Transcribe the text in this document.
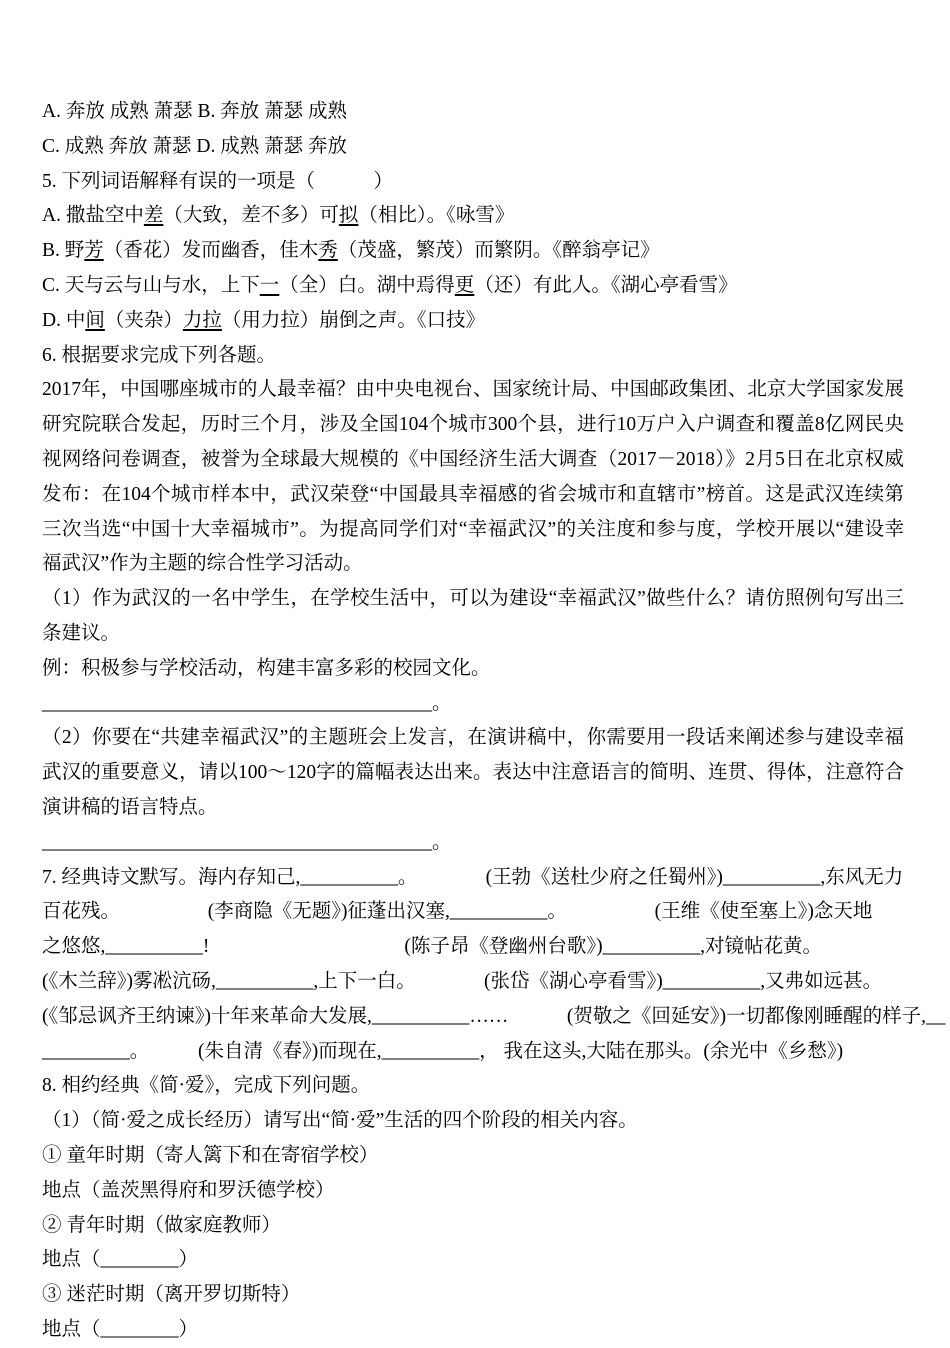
A. 奔放 成熟 萧瑟 B. 奔放 萧瑟 成熟
C. 成熟 奔放 萧瑟 D. 成熟 萧瑟 奔放
5. 下列词语解释有误的一项是（　　　）
A. 撒盐空中差（大致，差不多）可拟（相比）。《咏雪》
B. 野芳（香花）发而幽香，佳木秀（茂盛，繁茂）而繁阴。《醉翁亭记》
C. 天与云与山与水，上下一（全）白。湖中焉得更（还）有此人。《湖心亭看雪》
D. 中间（夹杂）力拉（用力拉）崩倒之声。《口技》
6. 根据要求完成下列各题。
2017年，中国哪座城市的人最幸福？由中央电视台、国家统计局、中国邮政集团、北京大学国家发展研究院联合发起，历时三个月，涉及全国104个城市300个县，进行10万户入户调查和覆盖8亿网民央视网络问卷调查，被誉为全球最大规模的《中国经济生活大调查（2017－2018）》2月5日在北京权威发布：在104个城市样本中，武汉荣登“中国最具幸福感的省会城市和直辖市”榜首。这是武汉连续第三次当选“中国十大幸福城市”。为提高同学们对“幸福武汉”的关注度和参与度，学校开展以“建设幸福武汉”作为主题的综合性学习活动。
（1）作为武汉的一名中学生，在学校生活中，可以为建设“幸福武汉”做些什么？请仿照例句写出三条建议。
例：积极参与学校活动，构建丰富多彩的校园文化。
________________________________________。
（2）你要在“共建幸福武汉”的主题班会上发言，在演讲稿中，你需要用一段话来阐述参与建设幸福武汉的重要意义，请以100～120字的篇幅表达出来。表达中注意语言的简明、连贯、得体，注意符合演讲稿的语言特点。
________________________________________。
7. 经典诗文默写。海内存知己,__________。　　　　(王勃《送杜少府之任蜀州》)__________,东风无力
百花残。　　　　　(李商隐《无题》)征蓬出汉塞,__________。　　　　　(王维《使至塞上》)念天地
之悠悠,__________!　　　　　　　　　　(陈子昂《登幽州台歌》)__________,对镜帖花黄。
(《木兰辞》)雾凇沆砀,__________,上下一白。　　　　(张岱《湖心亭看雪》)__________,又弗如远甚。
(《邹忌讽齐王纳谏》)十年来革命大发展,__________……　　　(贺敬之《回延安》)一切都像刚睡醒的样子,__
_________。　　　(朱自清《春》)而现在,__________， 我在这头,大陆在那头。(余光中《乡愁》)
8. 相约经典《简·爱》，完成下列问题。
（1）（简·爱之成长经历）请写出“简·爱”生活的四个阶段的相关内容。
① 童年时期（寄人篱下和在寄宿学校）
地点（盖茨黑得府和罗沃德学校）
② 青年时期（做家庭教师）
地点（________）
③ 迷茫时期（离开罗切斯特）
地点（________）
